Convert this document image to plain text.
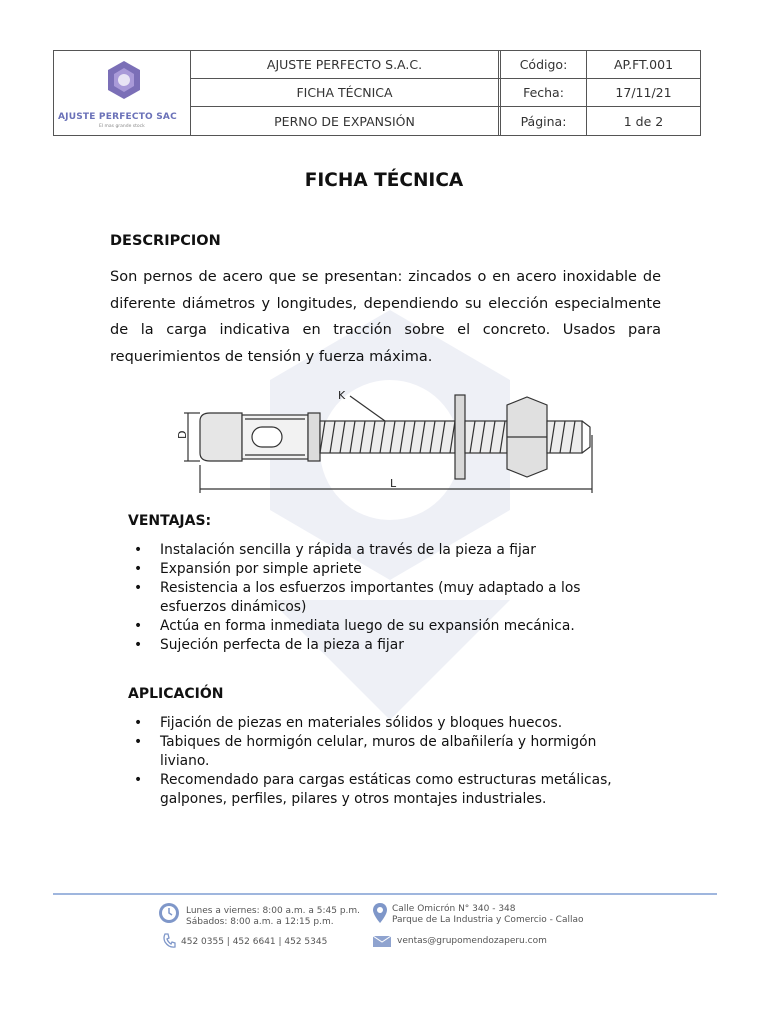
AJUSTE PERFECTO SAC
El mas grande stock
AJUSTE PERFECTO S.A.C.	Código:	AP.FT.001
FICHA TÉCNICA	Fecha:	17/11/21
PERNO DE EXPANSIÓN	Página:	1 de 2
FICHA TÉCNICA
DESCRIPCION
Son pernos de acero que se presentan: zincados o en acero inoxidable de diferente diámetros y longitudes, dependiendo su elección especialmente de la carga indicativa en tracción sobre el concreto. Usados para requerimientos de tensión y fuerza máxima.
K
D
L
VENTAJAS:
• Instalación sencilla y rápida a través de la pieza a fijar
• Expansión por simple apriete
• Resistencia a los esfuerzos importantes (muy adaptado a los esfuerzos dinámicos)
• Actúa en forma inmediata luego de su expansión mecánica.
• Sujeción perfecta de la pieza a fijar
APLICACIÓN
• Fijación de piezas en materiales sólidos y bloques huecos.
• Tabiques de hormigón celular, muros de albañilería y hormigón liviano.
• Recomendado para cargas estáticas como estructuras metálicas, galpones, perfiles, pilares y otros montajes industriales.
Lunes a viernes: 8:00 a.m. a 5:45 p.m.
Sábados: 8:00 a.m. a 12:15 p.m.
Calle Omicrón N° 340 - 348
Parque de La Industria y Comercio - Callao
452 0355 | 452 6641 | 452 5345	ventas@grupomendozaperu.com
